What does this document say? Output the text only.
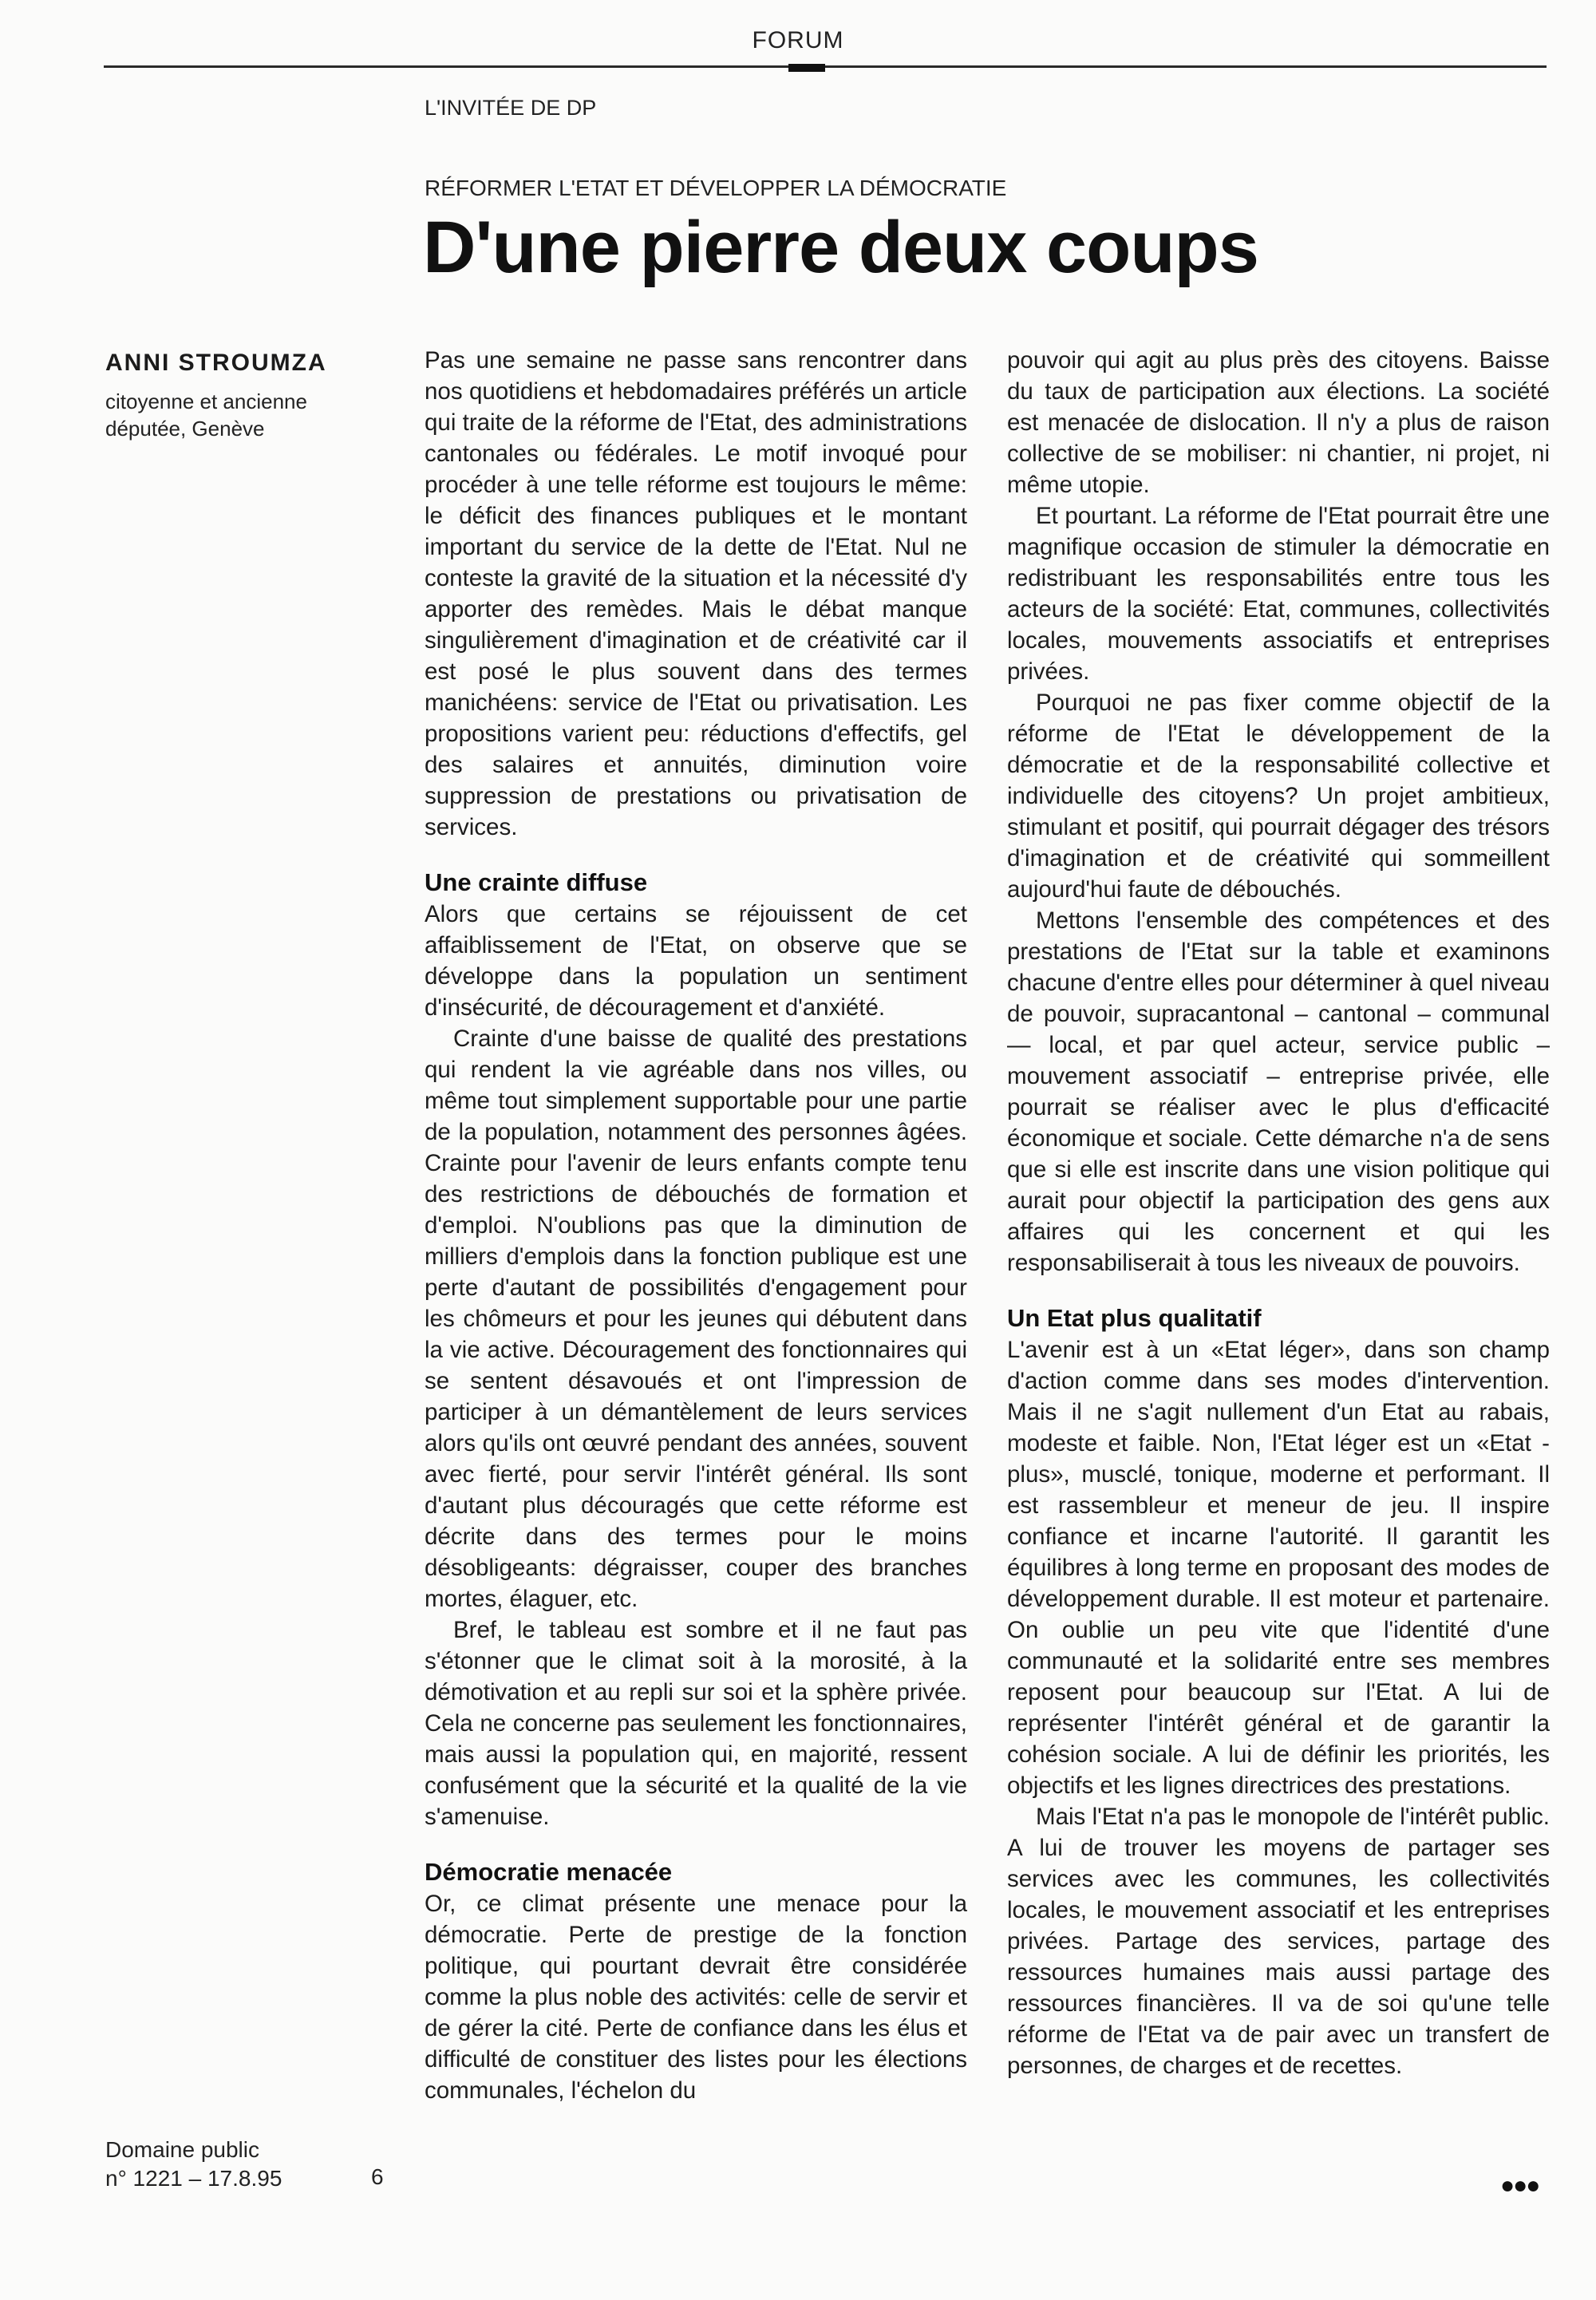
FORUM
L'INVITÉE DE DP
RÉFORMER L'ETAT ET DÉVELOPPER LA DÉMOCRATIE
D'une pierre deux coups
ANNI STROUMZA
citoyenne et ancienne députée, Genève

Pas une semaine ne passe sans rencontrer dans nos quotidiens et hebdomadaires préférés un article qui traite de la réforme de l'Etat, des administrations cantonales ou fédérales. Le motif invoqué pour procéder à une telle réforme est toujours le même: le déficit des finances publiques et le montant important du service de la dette de l'Etat. Nul ne conteste la gravité de la situation et la nécessité d'y apporter des remèdes. Mais le débat manque singulièrement d'imagination et de créativité car il est posé le plus souvent dans des termes manichéens: service de l'Etat ou privatisation. Les propositions varient peu: réductions d'effectifs, gel des salaires et annuités, diminution voire suppression de prestations ou privatisation de services.

Une crainte diffuse

Alors que certains se réjouissent de cet affaiblissement de l'Etat, on observe que se développe dans la population un sentiment d'insécurité, de découragement et d'anxiété.

Crainte d'une baisse de qualité des prestations qui rendent la vie agréable dans nos villes, ou même tout simplement supportable pour une partie de la population, notamment des personnes âgées. Crainte pour l'avenir de leurs enfants compte tenu des restrictions de débouchés de formation et d'emploi. N'oublions pas que la diminution de milliers d'emplois dans la fonction publique est une perte d'autant de possibilités d'engagement pour les chômeurs et pour les jeunes qui débutent dans la vie active. Découragement des fonctionnaires qui se sentent désavoués et ont l'impression de participer à un démantèlement de leurs services alors qu'ils ont œuvré pendant des années, souvent avec fierté, pour servir l'intérêt général. Ils sont d'autant plus découragés que cette réforme est décrite dans des termes pour le moins désobligeants: dégraisser, couper des branches mortes, élaguer, etc.

Bref, le tableau est sombre et il ne faut pas s'étonner que le climat soit à la morosité, à la démotivation et au repli sur soi et la sphère privée. Cela ne concerne pas seulement les fonctionnaires, mais aussi la population qui, en majorité, ressent confusément que la sécurité et la qualité de la vie s'amenuise.

Démocratie menacée

Or, ce climat présente une menace pour la démocratie. Perte de prestige de la fonction politique, qui pourtant devrait être considérée comme la plus noble des activités: celle de servir et de gérer la cité. Perte de confiance dans les élus et difficulté de constituer des listes pour les élections communales, l'échelon du

pouvoir qui agit au plus près des citoyens. Baisse du taux de participation aux élections. La société est menacée de dislocation. Il n'y a plus de raison collective de se mobiliser: ni chantier, ni projet, ni même utopie.

Et pourtant. La réforme de l'Etat pourrait être une magnifique occasion de stimuler la démocratie en redistribuant les responsabilités entre tous les acteurs de la société: Etat, communes, collectivités locales, mouvements associatifs et entreprises privées.

Pourquoi ne pas fixer comme objectif de la réforme de l'Etat le développement de la démocratie et de la responsabilité collective et individuelle des citoyens? Un projet ambitieux, stimulant et positif, qui pourrait dégager des trésors d'imagination et de créativité qui sommeillent aujourd'hui faute de débouchés.

Mettons l'ensemble des compétences et des prestations de l'Etat sur la table et examinons chacune d'entre elles pour déterminer à quel niveau de pouvoir, supracantonal – cantonal – communal — local, et par quel acteur, service public – mouvement associatif – entreprise privée, elle pourrait se réaliser avec le plus d'efficacité économique et sociale. Cette démarche n'a de sens que si elle est inscrite dans une vision politique qui aurait pour objectif la participation des gens aux affaires qui les concernent et qui les responsabiliserait à tous les niveaux de pouvoirs.

Un Etat plus qualitatif

L'avenir est à un «Etat léger», dans son champ d'action comme dans ses modes d'intervention. Mais il ne s'agit nullement d'un Etat au rabais, modeste et faible. Non, l'Etat léger est un «Etat - plus», musclé, tonique, moderne et performant. Il est rassembleur et meneur de jeu. Il inspire confiance et incarne l'autorité. Il garantit les équilibres à long terme en proposant des modes de développement durable. Il est moteur et partenaire. On oublie un peu vite que l'identité d'une communauté et la solidarité entre ses membres reposent pour beaucoup sur l'Etat. A lui de représenter l'intérêt général et de garantir la cohésion sociale. A lui de définir les priorités, les objectifs et les lignes directrices des prestations.

Mais l'Etat n'a pas le monopole de l'intérêt public. A lui de trouver les moyens de partager ses services avec les communes, les collectivités locales, le mouvement associatif et les entreprises privées. Partage des services, partage des ressources humaines mais aussi partage des ressources financières. Il va de soi qu'une telle réforme de l'Etat va de pair avec un transfert de personnes, de charges et de recettes.

●●●
Domaine public
n° 1221 – 17.8.95	6
